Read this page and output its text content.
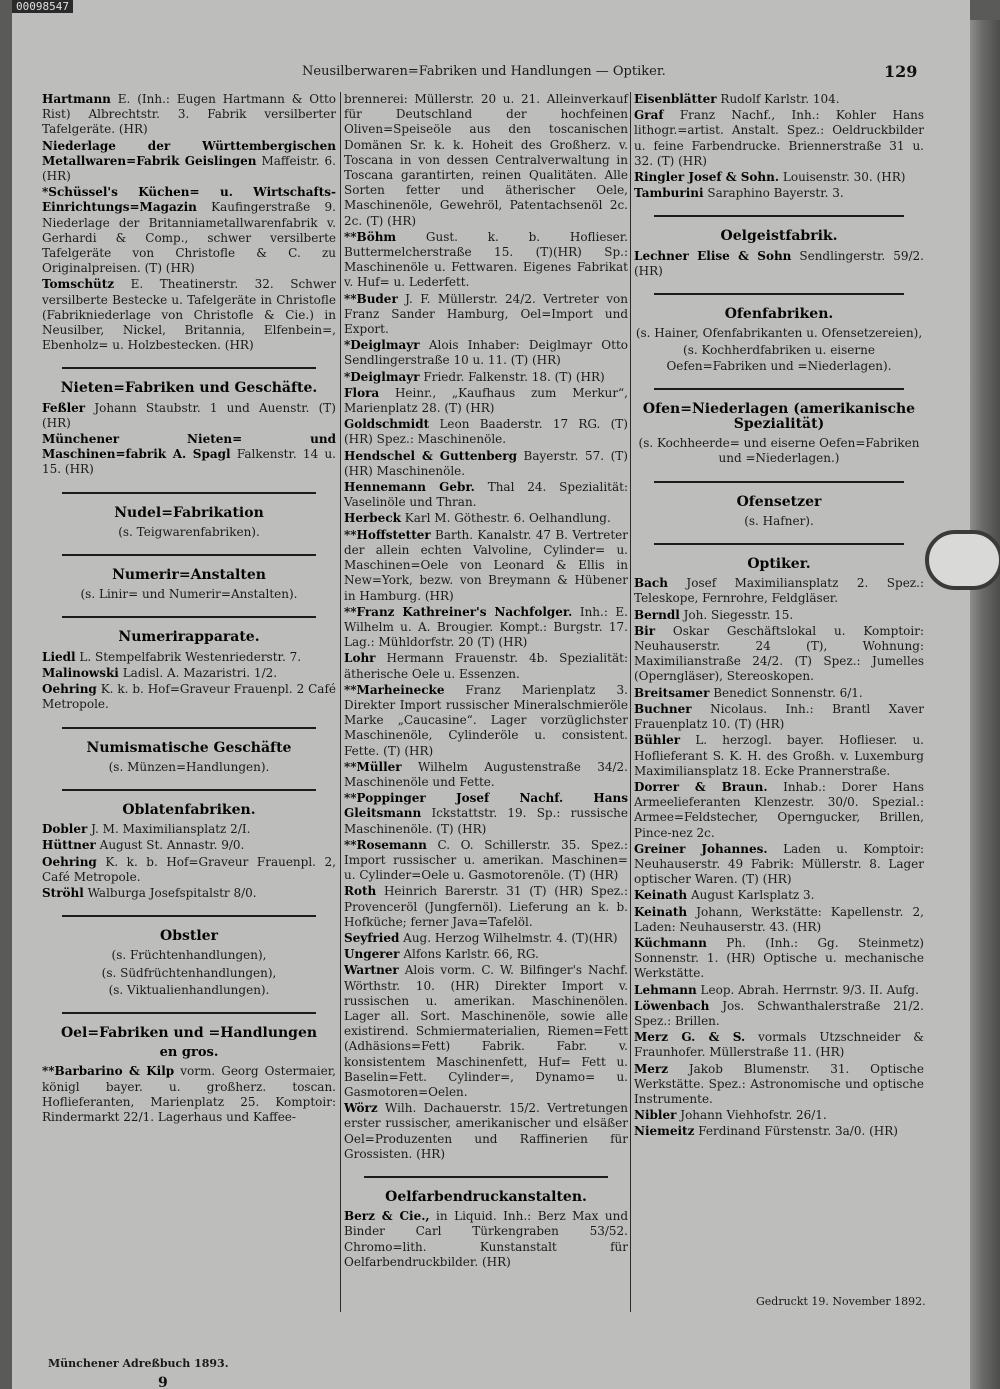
00098547
Neusilberwaren=Fabriken und Handlungen — Optiker.	129
Hartmann E. (Inh.: Eugen Hartmann & Otto Rist) Albrechtstr. 3. Fabrik versilberter Tafelgeräte. (HR)
Niederlage der Württembergischen Metallwaren=Fabrik Geislingen Maffeistr. 6. (HR)
*Schüssel's Küchen= u. Wirtschafts-Einrichtungs=Magazin Kaufingerstraße 9. Niederlage der Britanniametallwarenfabrik v. Gerhardi & Comp., schwer versilberte Tafelgeräte von Christofle & C. zu Originalpreisen. (T) (HR)
Tomschütz E. Theatinerstr. 32. Schwer versilberte Bestecke u. Tafelgeräte in Christofle (Fabrikniederlage von Christofle & Cie.) in Neusilber, Nickel, Britannia, Elfenbein=, Ebenholz= u. Holzbestecken. (HR)
Nieten=Fabriken und Geschäfte.
Feßler Johann Staubstr. 1 und Auenstr. (T) (HR)
Münchener Nieten= und Maschinen=fabrik A. Spagl Falkenstr. 14 u. 15. (HR)
Nudel=Fabrikation
(s. Teigwarenfabriken).
Numerir=Anstalten
(s. Linir= und Numerir=Anstalten).
Numerirapparate.
Liedl L. Stempelfabrik Westenriederstr. 7.
Malinowski Ladisl. A. Mazaristri. 1/2.
Oehring K. k. b. Hof=Graveur Frauenpl. 2 Café Metropole.
Numismatische Geschäfte
(s. Münzen=Handlungen).
Oblatenfabriken.
Dobler J. M. Maximiliansplatz 2/I.
Hüttner August St. Annastr. 9/0.
Oehring K. k. b. Hof=Graveur Frauenpl. 2, Café Metropole.
Ströhl Walburga Josefspitalstr 8/0.
Obstler
(s. Früchtenhandlungen),
(s. Südfrüchtenhandlungen),
(s. Viktualienhandlungen).
Oel=Fabriken und =Handlungen
en gros.
**Barbarino & Kilp vorm. Georg Ostermaier, königl bayer. u. großherz. toscan. Hoflieferanten, Marienplatz 25. Komptoir: Rindermarkt 22/1. Lagerhaus und Kaffee-
brennerei: Müllerstr. 20 u. 21. Alleinverkauf für Deutschland der hochfeinen Oliven=Speiseöle aus den toscanischen Domänen Sr. k. k. Hoheit des Großherz. v. Toscana in von dessen Centralverwaltung in Toscana garantirten, reinen Qualitäten. Alle Sorten fetter und ätherischer Oele, Maschinenöle, Gewehröl, Patentachsenöl 2c. 2c. (T) (HR)
**Böhm Gust. k. b. Hoflieser. Buttermelcherstraße 15. (T)(HR) Sp.: Maschinenöle u. Fettwaren. Eigenes Fabrikat v. Huf= u. Lederfett.
**Buder J. F. Müllerstr. 24/2. Vertreter von Franz Sander Hamburg, Oel=Import und Export.
*Deiglmayr Alois Inhaber: Deiglmayr Otto Sendlingerstraße 10 u. 11. (T) (HR)
*Deiglmayr Friedr. Falkenstr. 18. (T) (HR)
Flora Heinr., „Kaufhaus zum Merkur“, Marienplatz 28. (T) (HR)
Goldschmidt Leon Baaderstr. 17 RG. (T) (HR) Spez.: Maschinenöle.
Hendschel & Guttenberg Bayerstr. 57. (T) (HR) Maschinenöle.
Hennemann Gebr. Thal 24. Spezialität: Vaselinöle und Thran.
Herbeck Karl M. Göthestr. 6. Oelhandlung.
**Hoffstetter Barth. Kanalstr. 47 B. Vertreter der allein echten Valvoline, Cylinder= u. Maschinen=Oele von Leonard & Ellis in New=York, bezw. von Breymann & Hübener in Hamburg. (HR)
**Franz Kathreiner's Nachfolger. Inh.: E. Wilhelm u. A. Brougier. Kompt.: Burgstr. 17. Lag.: Mühldorfstr. 20 (T) (HR)
Lohr Hermann Frauenstr. 4b. Spezialität: ätherische Oele u. Essenzen.
**Marheinecke Franz Marienplatz 3. Direkter Import russischer Mineralschmieröle Marke „Caucasine“. Lager vorzüglichster Maschinenöle, Cylinderöle u. consistent. Fette. (T) (HR)
**Müller Wilhelm Augustenstraße 34/2. Maschinenöle und Fette.
**Poppinger Josef Nachf. Hans Gleitsmann Ickstattstr. 19. Sp.: russische Maschinenöle. (T) (HR)
**Rosemann C. O. Schillerstr. 35. Spez.: Import russischer u. amerikan. Maschinen= u. Cylinder=Oele u. Gasmotorenöle. (T) (HR)
Roth Heinrich Barerstr. 31 (T) (HR) Spez.: Provenceröl (Jungfernöl). Lieferung an k. b. Hofküche; ferner Java=Tafelöl.
Seyfried Aug. Herzog Wilhelmstr. 4. (T)(HR)
Ungerer Alfons Karlstr. 66, RG.
Wartner Alois vorm. C. W. Bilfinger's Nachf. Wörthstr. 10. (HR) Direkter Import v. russischen u. amerikan. Maschinenölen. Lager all. Sort. Maschinenöle, sowie alle existirend. Schmiermaterialien, Riemen=Fett (Adhäsions=Fett) Fabrik. Fabr. v. konsistentem Maschinenfett, Huf= Fett u. Baselin=Fett. Cylinder=, Dynamo= u. Gasmotoren=Oelen.
Wörz Wilh. Dachauerstr. 15/2. Vertretungen erster russischer, amerikanischer und elsäßer Oel=Produzenten und Raffinerien für Grossisten. (HR)
Oelfarbendruckanstalten.
Berz & Cie., in Liquid. Inh.: Berz Max und Binder Carl Türkengraben 53/52. Chromo=lith. Kunstanstalt für Oelfarbendruckbilder. (HR)
Eisenblätter Rudolf Karlstr. 104.
Graf Franz Nachf., Inh.: Kohler Hans lithogr.=artist. Anstalt. Spez.: Oeldruckbilder u. feine Farbendrucke. Briennerstraße 31 u. 32. (T) (HR)
Ringler Josef & Sohn. Louisenstr. 30. (HR)
Tamburini Saraphino Bayerstr. 3.
Oelgeistfabrik.
Lechner Elise & Sohn Sendlingerstr. 59/2. (HR)
Ofenfabriken.
(s. Hainer, Ofenfabrikanten u. Ofensetzereien),
(s. Kochherdfabriken u. eiserne Oefen=Fabriken und =Niederlagen).
Ofen=Niederlagen (amerikanische Spezialität)
(s. Kochheerde= und eiserne Oefen=Fabriken und =Niederlagen.)
Ofensetzer
(s. Hafner).
Optiker.
Bach Josef Maximiliansplatz 2. Spez.: Teleskope, Fernrohre, Feldgläser.
Berndl Joh. Siegesstr. 15.
Bir Oskar Geschäftslokal u. Komptoir: Neuhauserstr. 24 (T), Wohnung: Maximilianstraße 24/2. (T) Spez.: Jumelles (Operngläser), Stereoskopen.
Breitsamer Benedict Sonnenstr. 6/1.
Buchner Nicolaus. Inh.: Brantl Xaver Frauenplatz 10. (T) (HR)
Bühler L. herzogl. bayer. Hoflieser. u. Hoflieferant S. K. H. des Großh. v. Luxemburg Maximiliansplatz 18. Ecke Prannerstraße.
Dorrer & Braun. Inhab.: Dorer Hans Armeelieferanten Klenzestr. 30/0. Spezial.: Armee=Feldstecher, Operngucker, Brillen, Pince-nez 2c.
Greiner Johannes. Laden u. Komptoir: Neuhauserstr. 49 Fabrik: Müllerstr. 8. Lager optischer Waren. (T) (HR)
Keinath August Karlsplatz 3.
Keinath Johann, Werkstätte: Kapellenstr. 2, Laden: Neuhauserstr. 43. (HR)
Küchmann Ph. (Inh.: Gg. Steinmetz) Sonnenstr. 1. (HR) Optische u. mechanische Werkstätte.
Lehmann Leop. Abrah. Herrnstr. 9/3. II. Aufg.
Löwenbach Jos. Schwanthalerstraße 21/2. Spez.: Brillen.
Merz G. & S. vormals Utzschneider & Fraunhofer. Müllerstraße 11. (HR)
Merz Jakob Blumenstr. 31. Optische Werkstätte. Spez.: Astronomische und optische Instrumente.
Nibler Johann Viehhofstr. 26/1.
Niemeitz Ferdinand Fürstenstr. 3a/0. (HR)
Gedruckt 19. November 1892.
Münchener Adreßbuch 1893.
9
